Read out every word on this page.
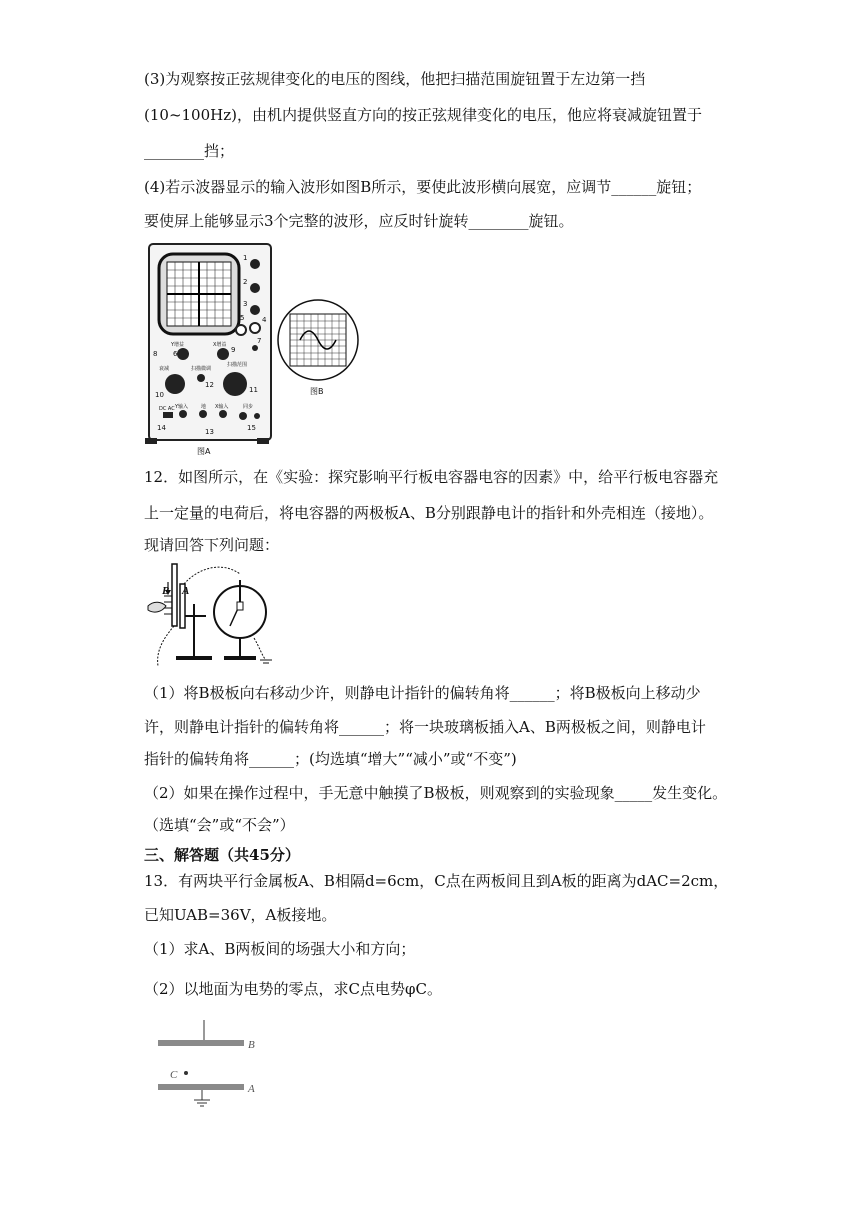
(3)为观察按正弦规律变化的电压的图线，他把扫描范围旋钮置于左边第一挡
(10~100Hz)，由机内提供竖直方向的按正弦规律变化的电压，他应将衰减旋钮置于
________挡；
(4)若示波器显示的输入波形如图B所示，要使此波形横向展宽，应调节______旋钮；
要使屏上能够显示3个完整的波形，应反时针旋转________旋钮。
1
2
3
5	4
6
7
8	9
10
11
12
13
14	15
Y增益	X增益
衰减	扫描微调
扫描范围
Y输入	地 X输入	同步
DC AC
图A
图B
12．如图所示，在《实验：探究影响平行板电容器电容的因素》中，给平行板电容器充
上一定量的电荷后，将电容器的两极板A、B分别跟静电计的指针和外壳相连（接地）。
现请回答下列问题：
B A
（1）将B极板向右移动少许，则静电计指针的偏转角将______；将B极板向上移动少
许，则静电计指针的偏转角将______；将一块玻璃板插入A、B两极板之间，则静电计
指针的偏转角将______；(均选填“增大”“减小”或“不变”)
（2）如果在操作过程中，手无意中触摸了B极板，则观察到的实验现象_____发生变化。
（选填“会”或“不会”）
三、解答题（共45分）
13．有两块平行金属板A、B相隔d=6cm，C点在两板间且到A板的距离为dAC=2cm，
已知UAB=36V，A板接地。
（1）求A、B两板间的场强大小和方向；
（2）以地面为电势的零点，求C点电势φC。
B
C
A
